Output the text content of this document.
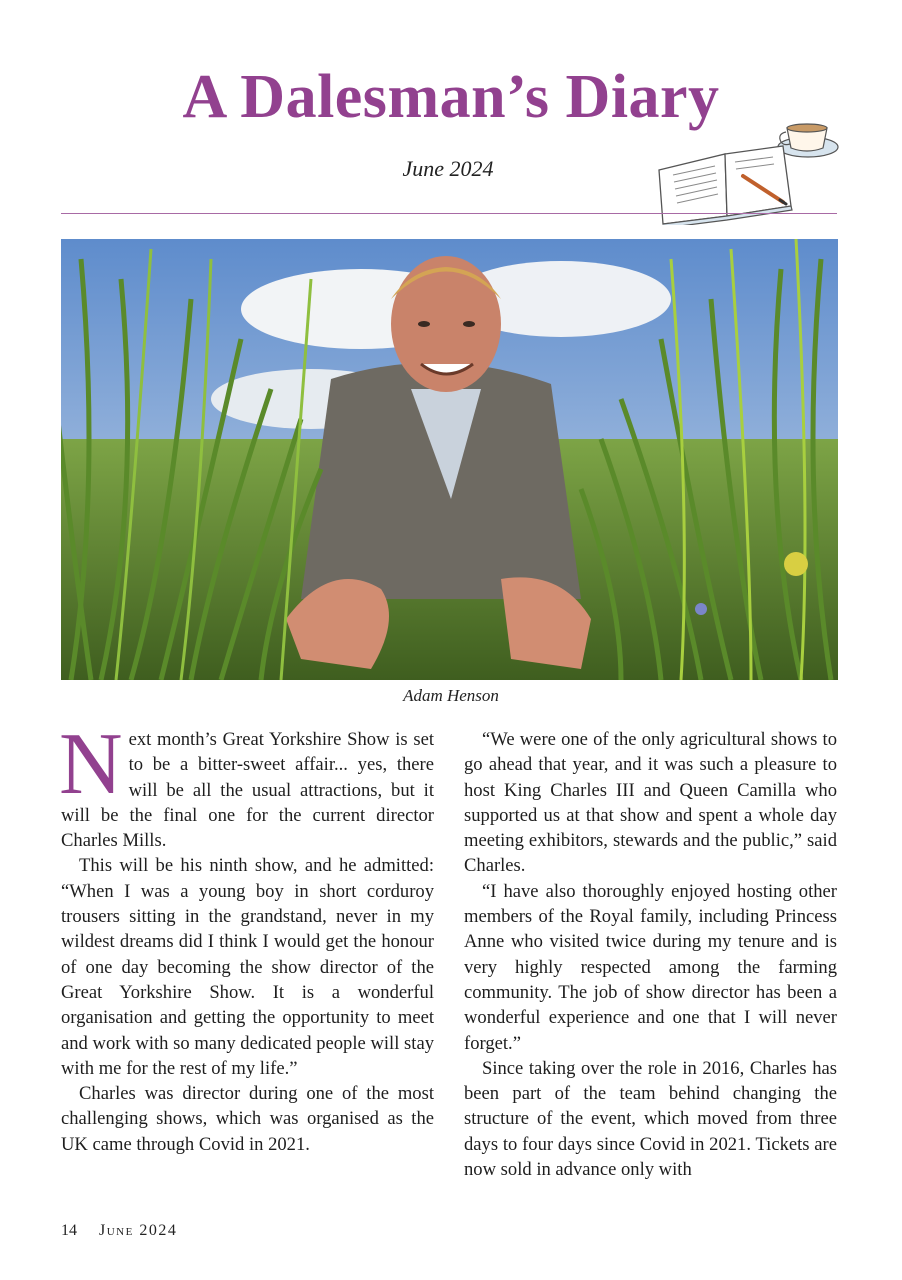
A Dalesman’s Diary
June 2024
Adam Henson

Next month’s Great Yorkshire Show is set to be a bitter-sweet affair... yes, there will be all the usual attractions, but it will be the final one for the current director Charles Mills.

This will be his ninth show, and he admitted: “When I was a young boy in short corduroy trousers sitting in the grandstand, never in my wildest dreams did I think I would get the honour of one day becoming the show director of the Great Yorkshire Show. It is a wonderful organisation and getting the opportunity to meet and work with so many dedicated people will stay with me for the rest of my life.”

Charles was director during one of the most challenging shows, which was organised as the UK came through Covid in 2021.

“We were one of the only agricultural shows to go ahead that year, and it was such a pleasure to host King Charles III and Queen Camilla who supported us at that show and spent a whole day meeting exhibitors, stewards and the public,” said Charles.

“I have also thoroughly enjoyed hosting other members of the Royal family, including Princess Anne who visited twice during my tenure and is very highly respected among the farming community. The job of show director has been a wonderful experience and one that I will never forget.”

Since taking over the role in 2016, Charles has been part of the team behind changing the structure of the event, which moved from three days to four days since Covid in 2021. Tickets are now sold in advance only with

14 June 2024
